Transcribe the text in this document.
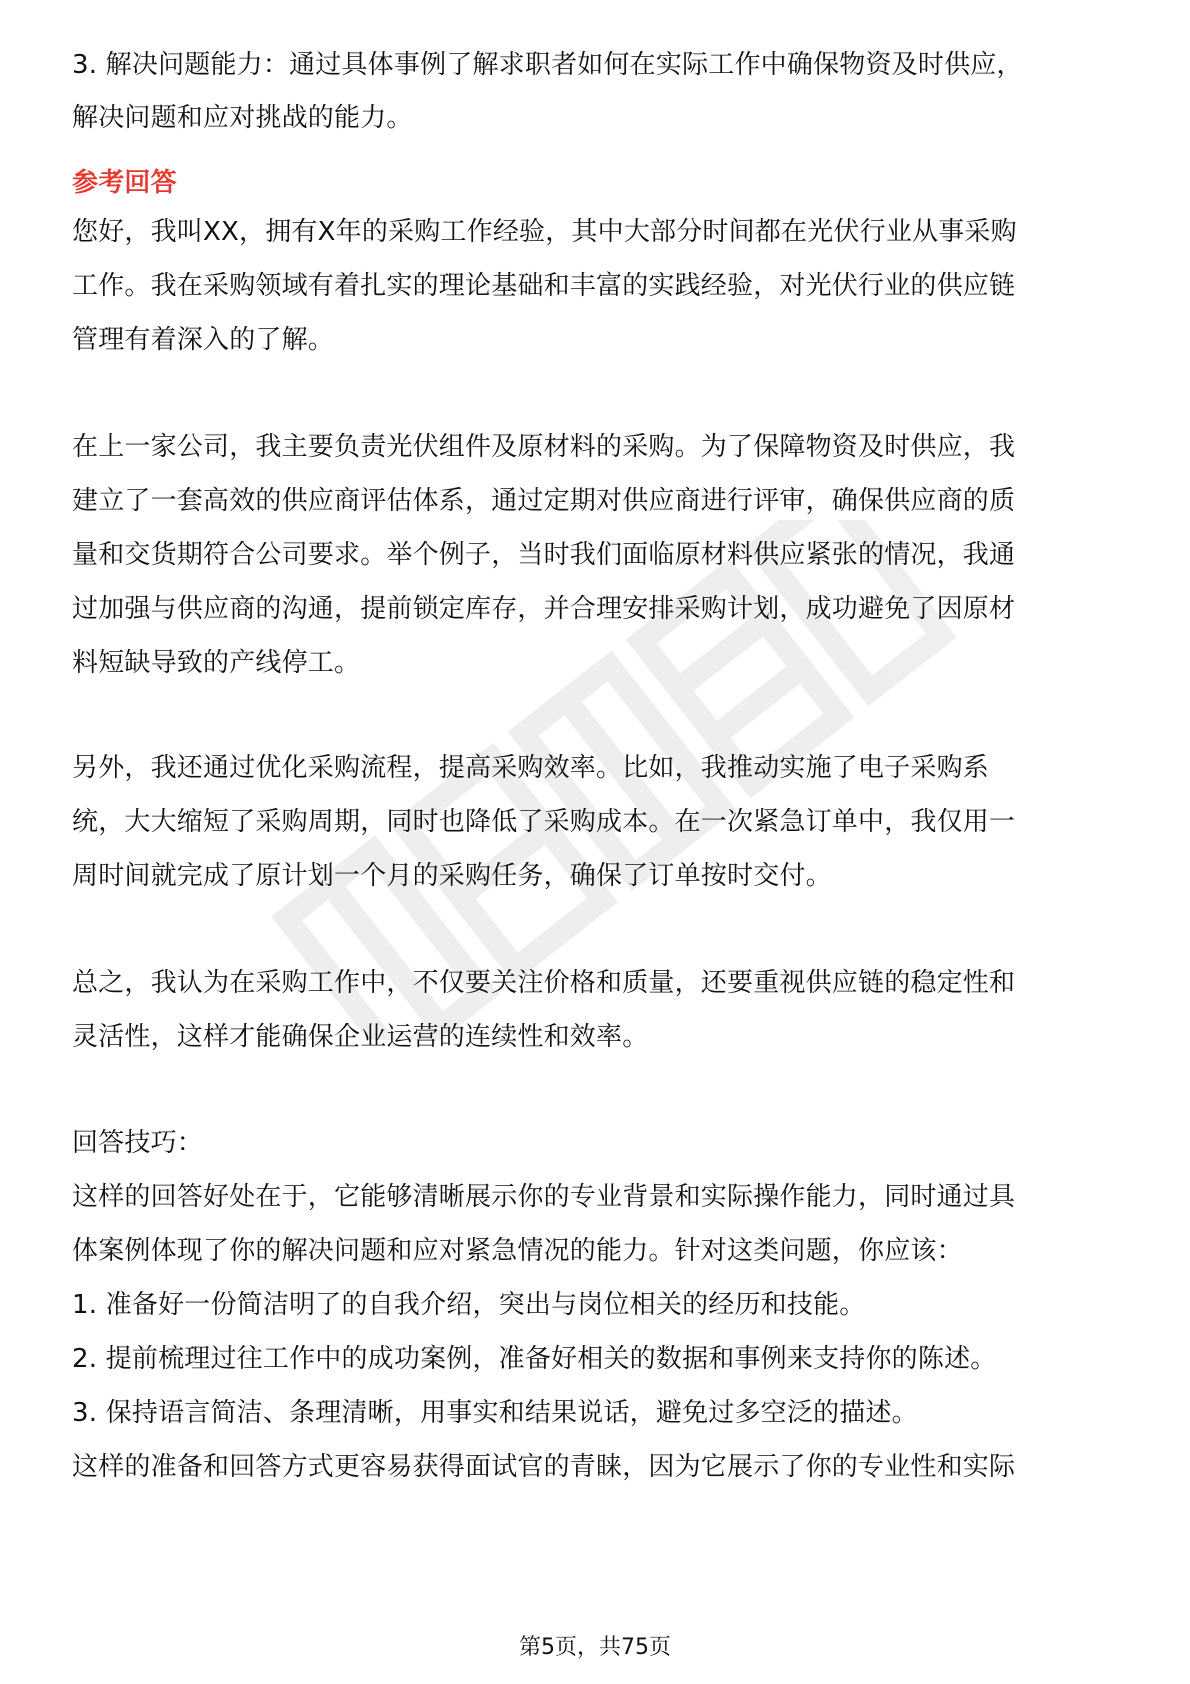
3. 解决问题能力：通过具体事例了解求职者如何在实际工作中确保物资及时供应，
解决问题和应对挑战的能力。
参考回答
您好，我叫XX，拥有X年的采购工作经验，其中大部分时间都在光伏行业从事采购
工作。我在采购领域有着扎实的理论基础和丰富的实践经验，对光伏行业的供应链
管理有着深入的了解。
在上一家公司，我主要负责光伏组件及原材料的采购。为了保障物资及时供应，我
建立了一套高效的供应商评估体系，通过定期对供应商进行评审，确保供应商的质
量和交货期符合公司要求。举个例子，当时我们面临原材料供应紧张的情况，我通
过加强与供应商的沟通，提前锁定库存，并合理安排采购计划，成功避免了因原材
料短缺导致的产线停工。
另外，我还通过优化采购流程，提高采购效率。比如，我推动实施了电子采购系
统，大大缩短了采购周期，同时也降低了采购成本。在一次紧急订单中，我仅用一
周时间就完成了原计划一个月的采购任务，确保了订单按时交付。
总之，我认为在采购工作中，不仅要关注价格和质量，还要重视供应链的稳定性和
灵活性，这样才能确保企业运营的连续性和效率。
回答技巧：
这样的回答好处在于，它能够清晰展示你的专业背景和实际操作能力，同时通过具
体案例体现了你的解决问题和应对紧急情况的能力。针对这类问题，你应该：
1. 准备好一份简洁明了的自我介绍，突出与岗位相关的经历和技能。
2. 提前梳理过往工作中的成功案例，准备好相关的数据和事例来支持你的陈述。
3. 保持语言简洁、条理清晰，用事实和结果说话，避免过多空泛的描述。
这样的准备和回答方式更容易获得面试官的青睐，因为它展示了你的专业性和实际
第5页，共75页
